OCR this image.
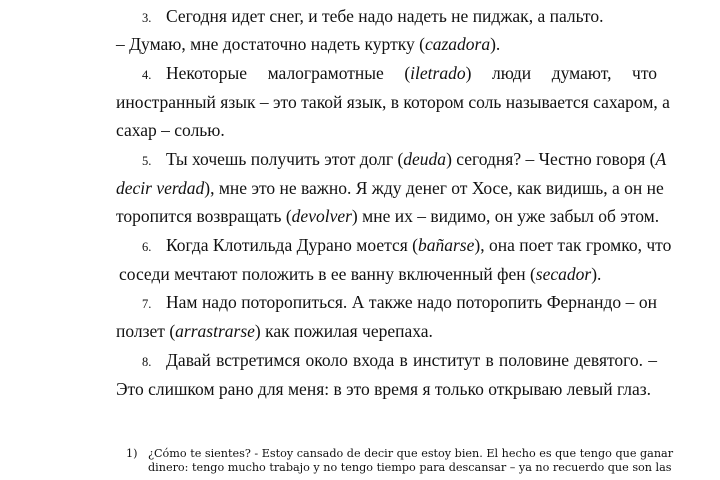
3. Сегодня идет снег, и тебе надо надеть не пиджак, а пальто.
– Думаю, мне достаточно надеть куртку (cazadora).
4. Некоторые малограмотные (iletrado) люди думают, что
иностранный язык – это такой язык, в котором соль называется сахаром, а
сахар – солью.
5. Ты хочешь получить этот долг (deuda) сегодня? – Честно говоря (A
decir verdad), мне это не важно. Я жду денег от Хосе, как видишь, а он не
торопится возвращать (devolver) мне их – видимо, он уже забыл об этом.
6. Когда Клотильда Дурано моется (bañarse), она поет так громко, что
соседи мечтают положить в ее ванну включенный фен (secador).
7. Нам надо поторопиться. А также надо поторопить Фернандо – он
ползет (arrastrarse) как пожилая черепаха.
8. Давай встретимся около входа в институт в половине девятого. –
Это слишком рано для меня: в это время я только открываю левый глаз.
1) ¿Cómo te sientes? - Estoy cansado de decir que estoy bien. El hecho es que tengo que ganar
dinero: tengo mucho trabajo y no tengo tiempo para descansar – ya no recuerdo que son las
